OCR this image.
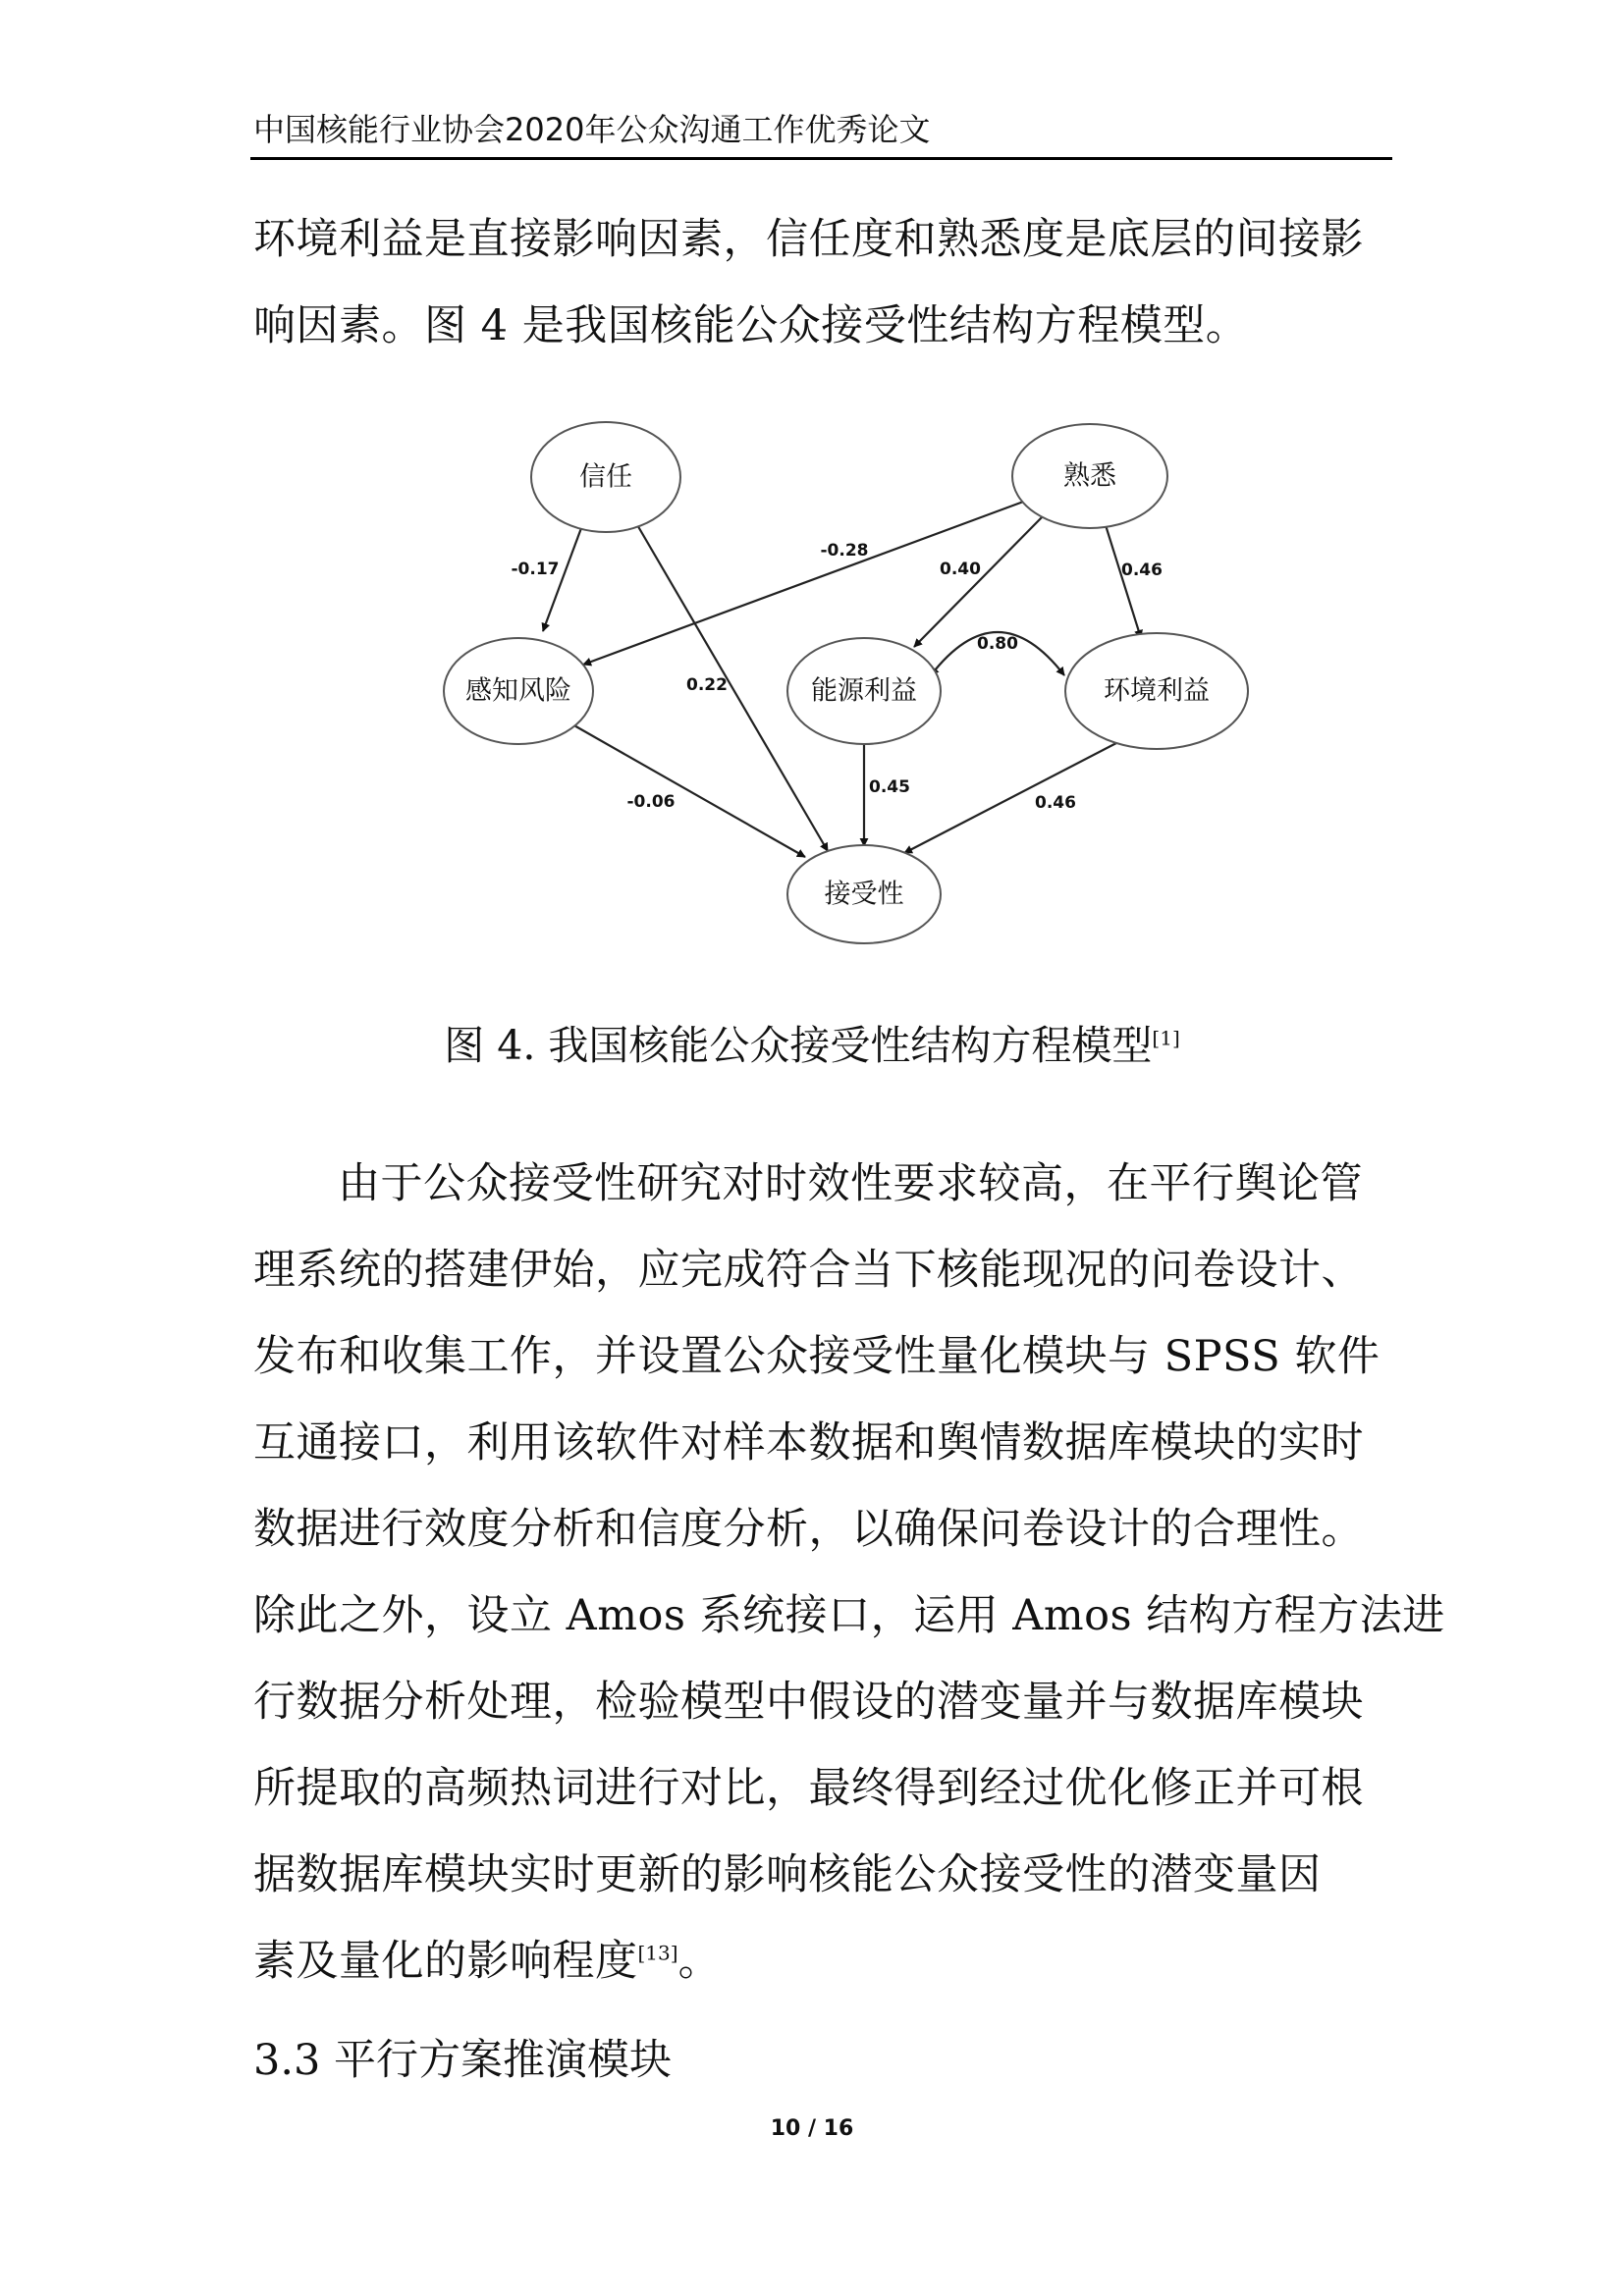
中国核能行业协会2020年公众沟通工作优秀论文
环境利益是直接影响因素，信任度和熟悉度是底层的间接影
响因素。图 4 是我国核能公众接受性结构方程模型。
信任	熟悉
感知风险	能源利益	环境利益
接受性
-0.17
0.22
-0.28
0.40	0.46
0.80
-0.06
0.45
0.46
图 4. 我国核能公众接受性结构方程模型[1]
由于公众接受性研究对时效性要求较高，在平行舆论管
理系统的搭建伊始，应完成符合当下核能现况的问卷设计、
发布和收集工作，并设置公众接受性量化模块与 SPSS 软件
互通接口，利用该软件对样本数据和舆情数据库模块的实时
数据进行效度分析和信度分析，以确保问卷设计的合理性。
除此之外，设立 Amos 系统接口，运用 Amos 结构方程方法进
行数据分析处理，检验模型中假设的潜变量并与数据库模块
所提取的高频热词进行对比，最终得到经过优化修正并可根
据数据库模块实时更新的影响核能公众接受性的潜变量因
素及量化的影响程度[13]。
3.3 平行方案推演模块
10 / 16
